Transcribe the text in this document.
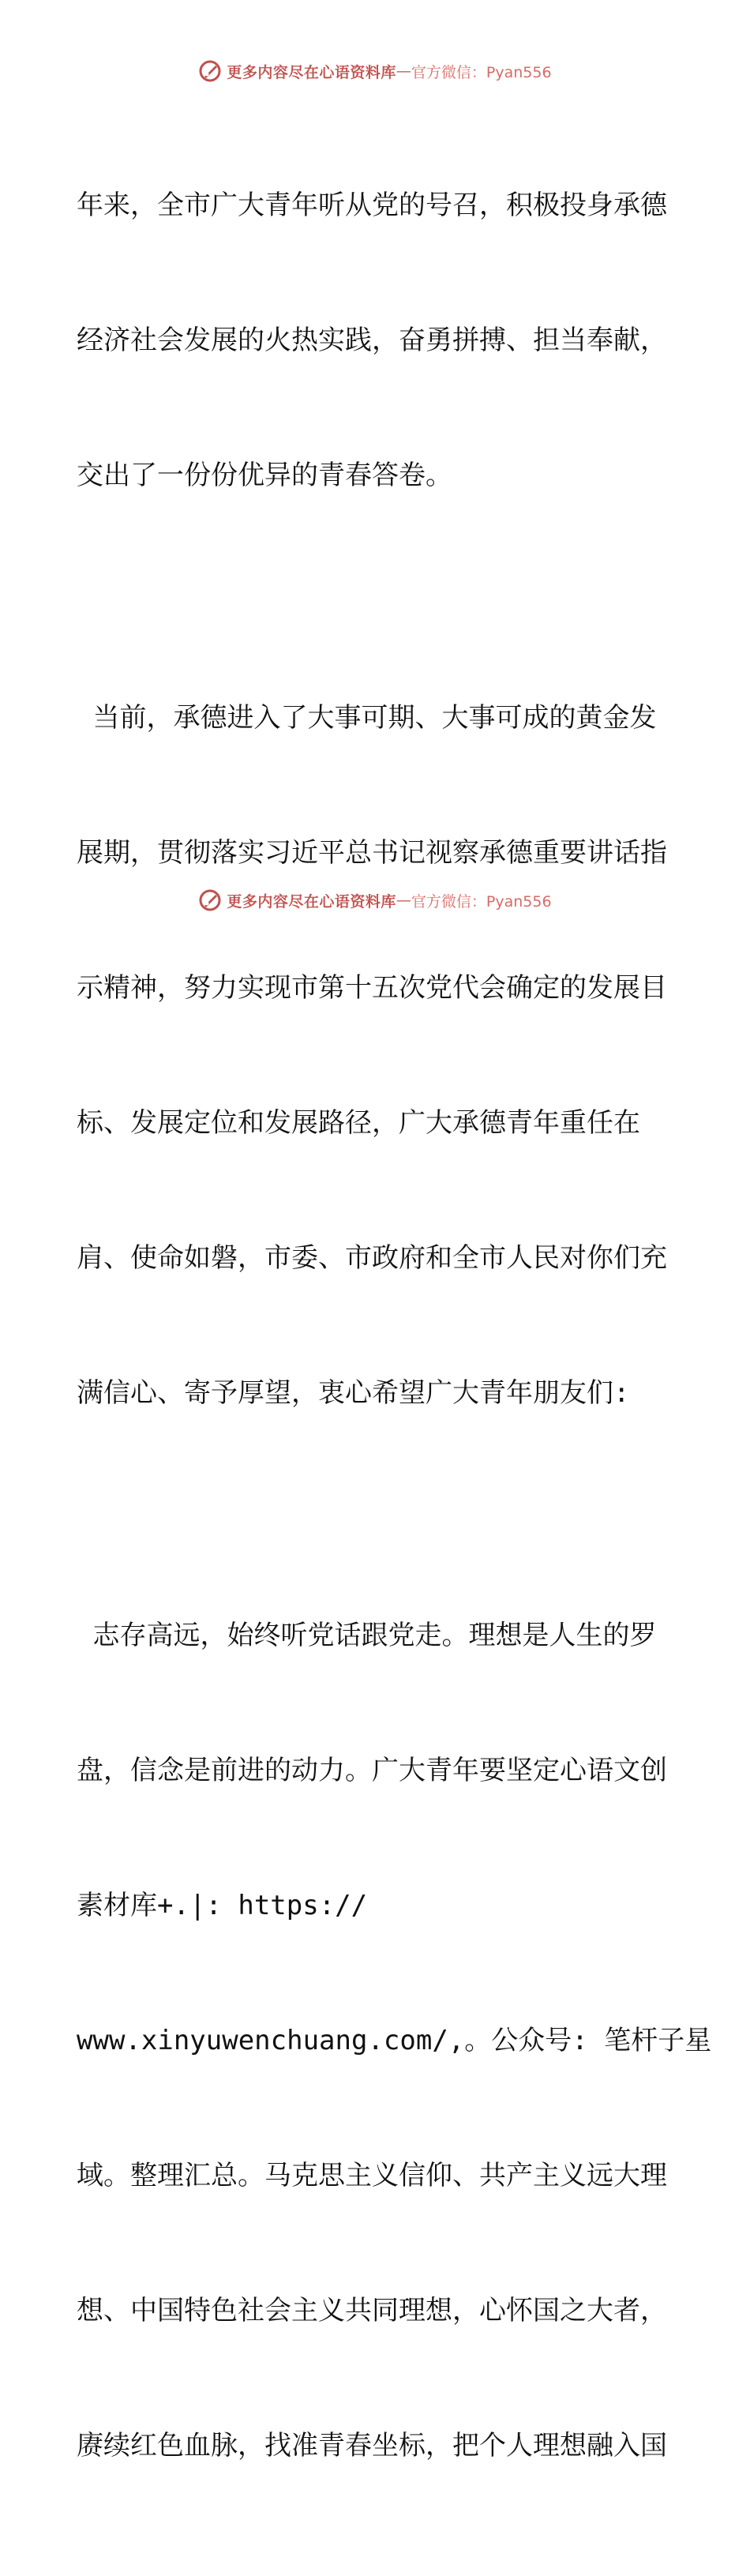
更多内容尽在心语资料库 — 官方微信：Pyan556

年来，全市广大青年听从党的号召，积极投身承德

经济社会发展的火热实践，奋勇拼搏、担当奉献，

交出了一份份优异的青春答卷。

当前，承德进入了大事可期、大事可成的黄金发

展期，贯彻落实习近平总书记视察承德重要讲话指

示精神，努力实现市第十五次党代会确定的发展目

标、发展定位和发展路径，广大承德青年重任在

肩、使命如磐，市委、市政府和全市人民对你们充

满信心、寄予厚望，衷心希望广大青年朋友们:

志存高远，始终听党话跟党走。理想是人生的罗

盘，信念是前进的动力。广大青年要坚定心语文创

素材库+.|: https://

www.xinyuwenchuang.com/,。公众号: 笔杆子星

域。整理汇总。马克思主义信仰、共产主义远大理

想、中国特色社会主义共同理想，心怀国之大者，

赓续红色血脉，找准青春坐标，把个人理想融入国

更多内容尽在心语资料库 — 官方微信：Pyan556
